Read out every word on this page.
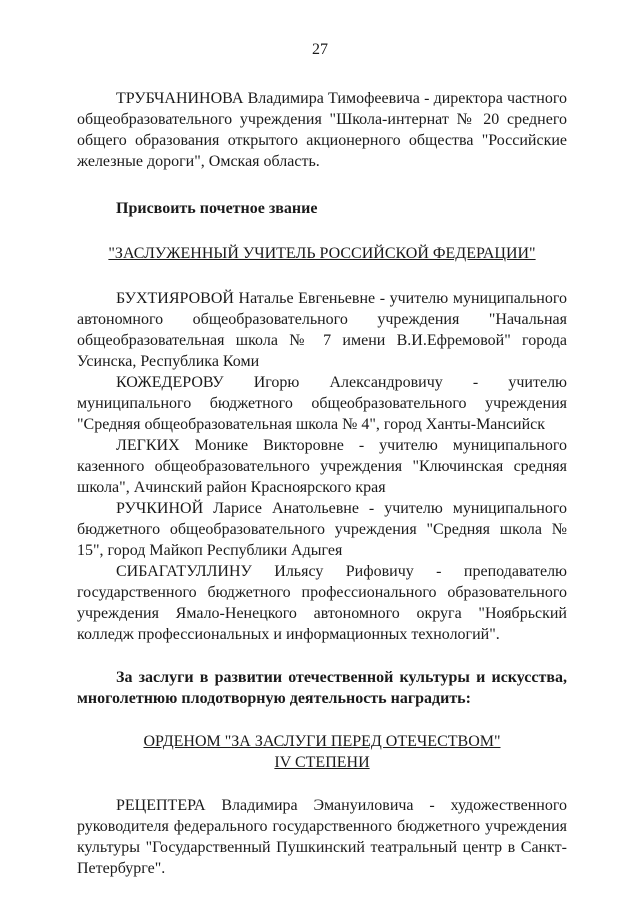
27

ТРУБЧАНИНОВА Владимира Тимофеевича - директора частного общеобразовательного учреждения "Школа-интернат № 20 среднего общего образования открытого акционерного общества "Российские железные дороги", Омская область.

Присвоить почетное звание

"ЗАСЛУЖЕННЫЙ УЧИТЕЛЬ РОССИЙСКОЙ ФЕДЕРАЦИИ"

БУХТИЯРОВОЙ Наталье Евгеньевне - учителю муниципального автономного общеобразовательного учреждения "Начальная общеобразовательная школа № 7 имени В.И.Ефремовой" города Усинска, Республика Коми

КОЖЕДЕРОВУ Игорю Александровичу - учителю муниципального бюджетного общеобразовательного учреждения "Средняя общеобразовательная школа № 4", город Ханты-Мансийск

ЛЕГКИХ Монике Викторовне - учителю муниципального казенного общеобразовательного учреждения "Ключинская средняя школа", Ачинский район Красноярского края

РУЧКИНОЙ Ларисе Анатольевне - учителю муниципального бюджетного общеобразовательного учреждения "Средняя школа № 15", город Майкоп Республики Адыгея

СИБАГАТУЛЛИНУ Ильясу Рифовичу - преподавателю государственного бюджетного профессионального образовательного учреждения Ямало-Ненецкого автономного округа "Ноябрьский колледж профессиональных и информационных технологий".

За заслуги в развитии отечественной культуры и искусства, многолетнюю плодотворную деятельность наградить:

ОРДЕНОМ "ЗА ЗАСЛУГИ ПЕРЕД ОТЕЧЕСТВОМ"

IV СТЕПЕНИ

РЕЦЕПТЕРА Владимира Эмануиловича - художественного руководителя федерального государственного бюджетного учреждения культуры "Государственный Пушкинский театральный центр в Санкт-Петербурге".
